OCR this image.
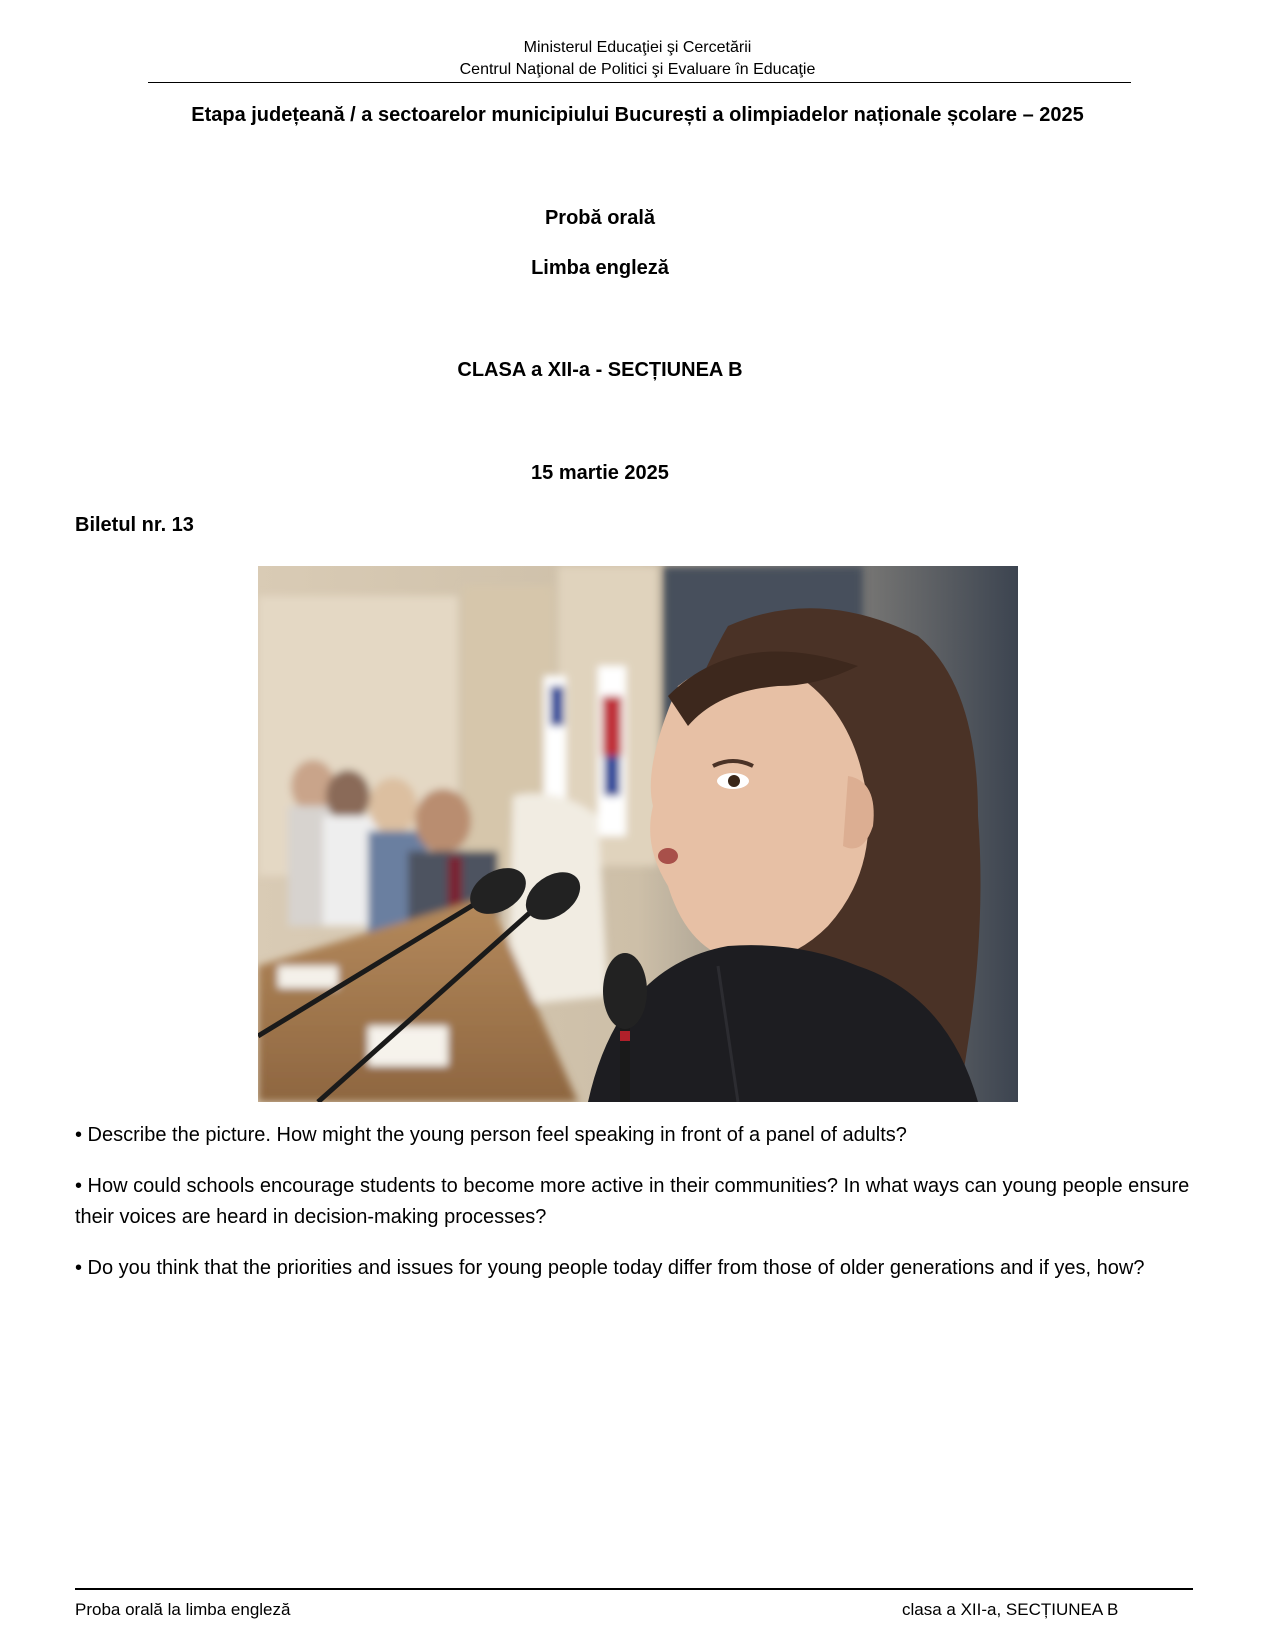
Ministerul Educaţiei şi Cercetării
Centrul Naţional de Politici şi Evaluare în Educaţie
Etapa județeană / a sectoarelor municipiului București a olimpiadelor naționale școlare – 2025
Probă orală
Limba engleză
CLASA a XII-a - SECȚIUNEA B
15 martie 2025
Biletul nr. 13

• Describe the picture. How might the young person feel speaking in front of a panel of adults?

• How could schools encourage students to become more active in their communities? In what ways can young people ensure their voices are heard in decision-making processes?

• Do you think that the priorities and issues for young people today differ from those of older generations and if yes, how?

Proba orală la limba engleză	clasa a XII-a, SECȚIUNEA B
